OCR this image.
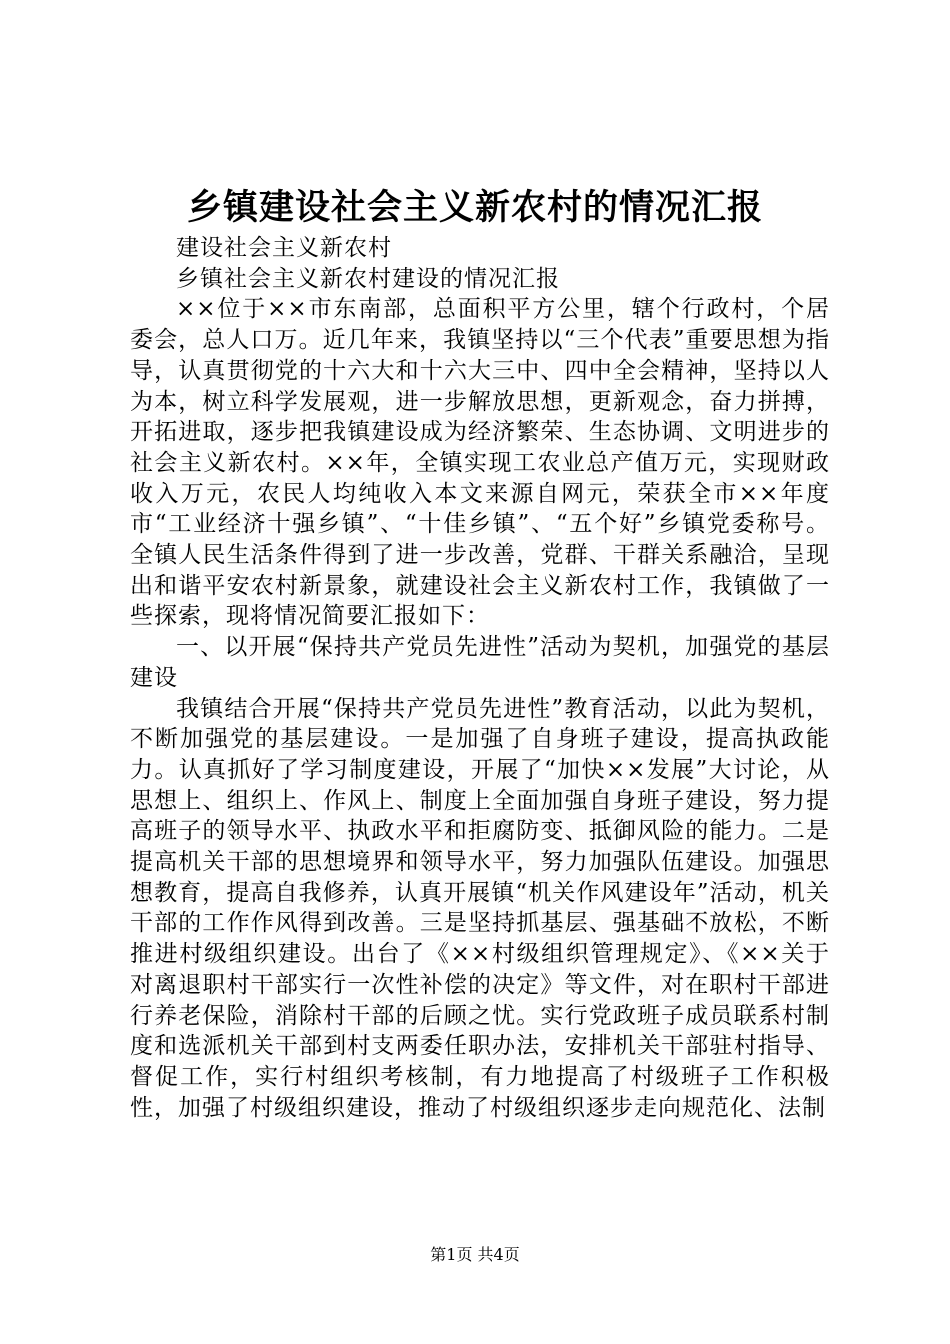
乡镇建设社会主义新农村的情况汇报

建设社会主义新农村

乡镇社会主义新农村建设的情况汇报

××位于××市东南部，总面积平方公里，辖个行政村，个居委会，总人口万。近几年来，我镇坚持以“三个代表”重要思想为指导，认真贯彻党的十六大和十六大三中、四中全会精神，坚持以人为本，树立科学发展观，进一步解放思想，更新观念，奋力拼搏，开拓进取，逐步把我镇建设成为经济繁荣、生态协调、文明进步的社会主义新农村。××年，全镇实现工农业总产值万元，实现财政收入万元，农民人均纯收入本文来源自网元，荣获全市××年度市“工业经济十强乡镇”、“十佳乡镇”、“五个好”乡镇党委称号。全镇人民生活条件得到了进一步改善，党群、干群关系融洽，呈现出和谐平安农村新景象，就建设社会主义新农村工作，我镇做了一些探索，现将情况简要汇报如下：

一、以开展“保持共产党员先进性”活动为契机，加强党的基层建设

我镇结合开展“保持共产党员先进性”教育活动，以此为契机，不断加强党的基层建设。一是加强了自身班子建设，提高执政能力。认真抓好了学习制度建设，开展了“加快××发展”大讨论，从思想上、组织上、作风上、制度上全面加强自身班子建设，努力提高班子的领导水平、执政水平和拒腐防变、抵御风险的能力。二是提高机关干部的思想境界和领导水平，努力加强队伍建设。加强思想教育，提高自我修养，认真开展镇“机关作风建设年”活动，机关干部的工作作风得到改善。三是坚持抓基层、强基础不放松，不断推进村级组织建设。出台了《××村级组织管理规定》、《××关于对离退职村干部实行一次性补偿的决定》等文件，对在职村干部进行养老保险，消除村干部的后顾之忧。实行党政班子成员联系村制度和选派机关干部到村支两委任职办法，安排机关干部驻村指导、督促工作，实行村组织考核制，有力地提高了村级班子工作积极性，加强了村级组织建设，推动了村级组织逐步走向规范化、法制

第1页 共4页
